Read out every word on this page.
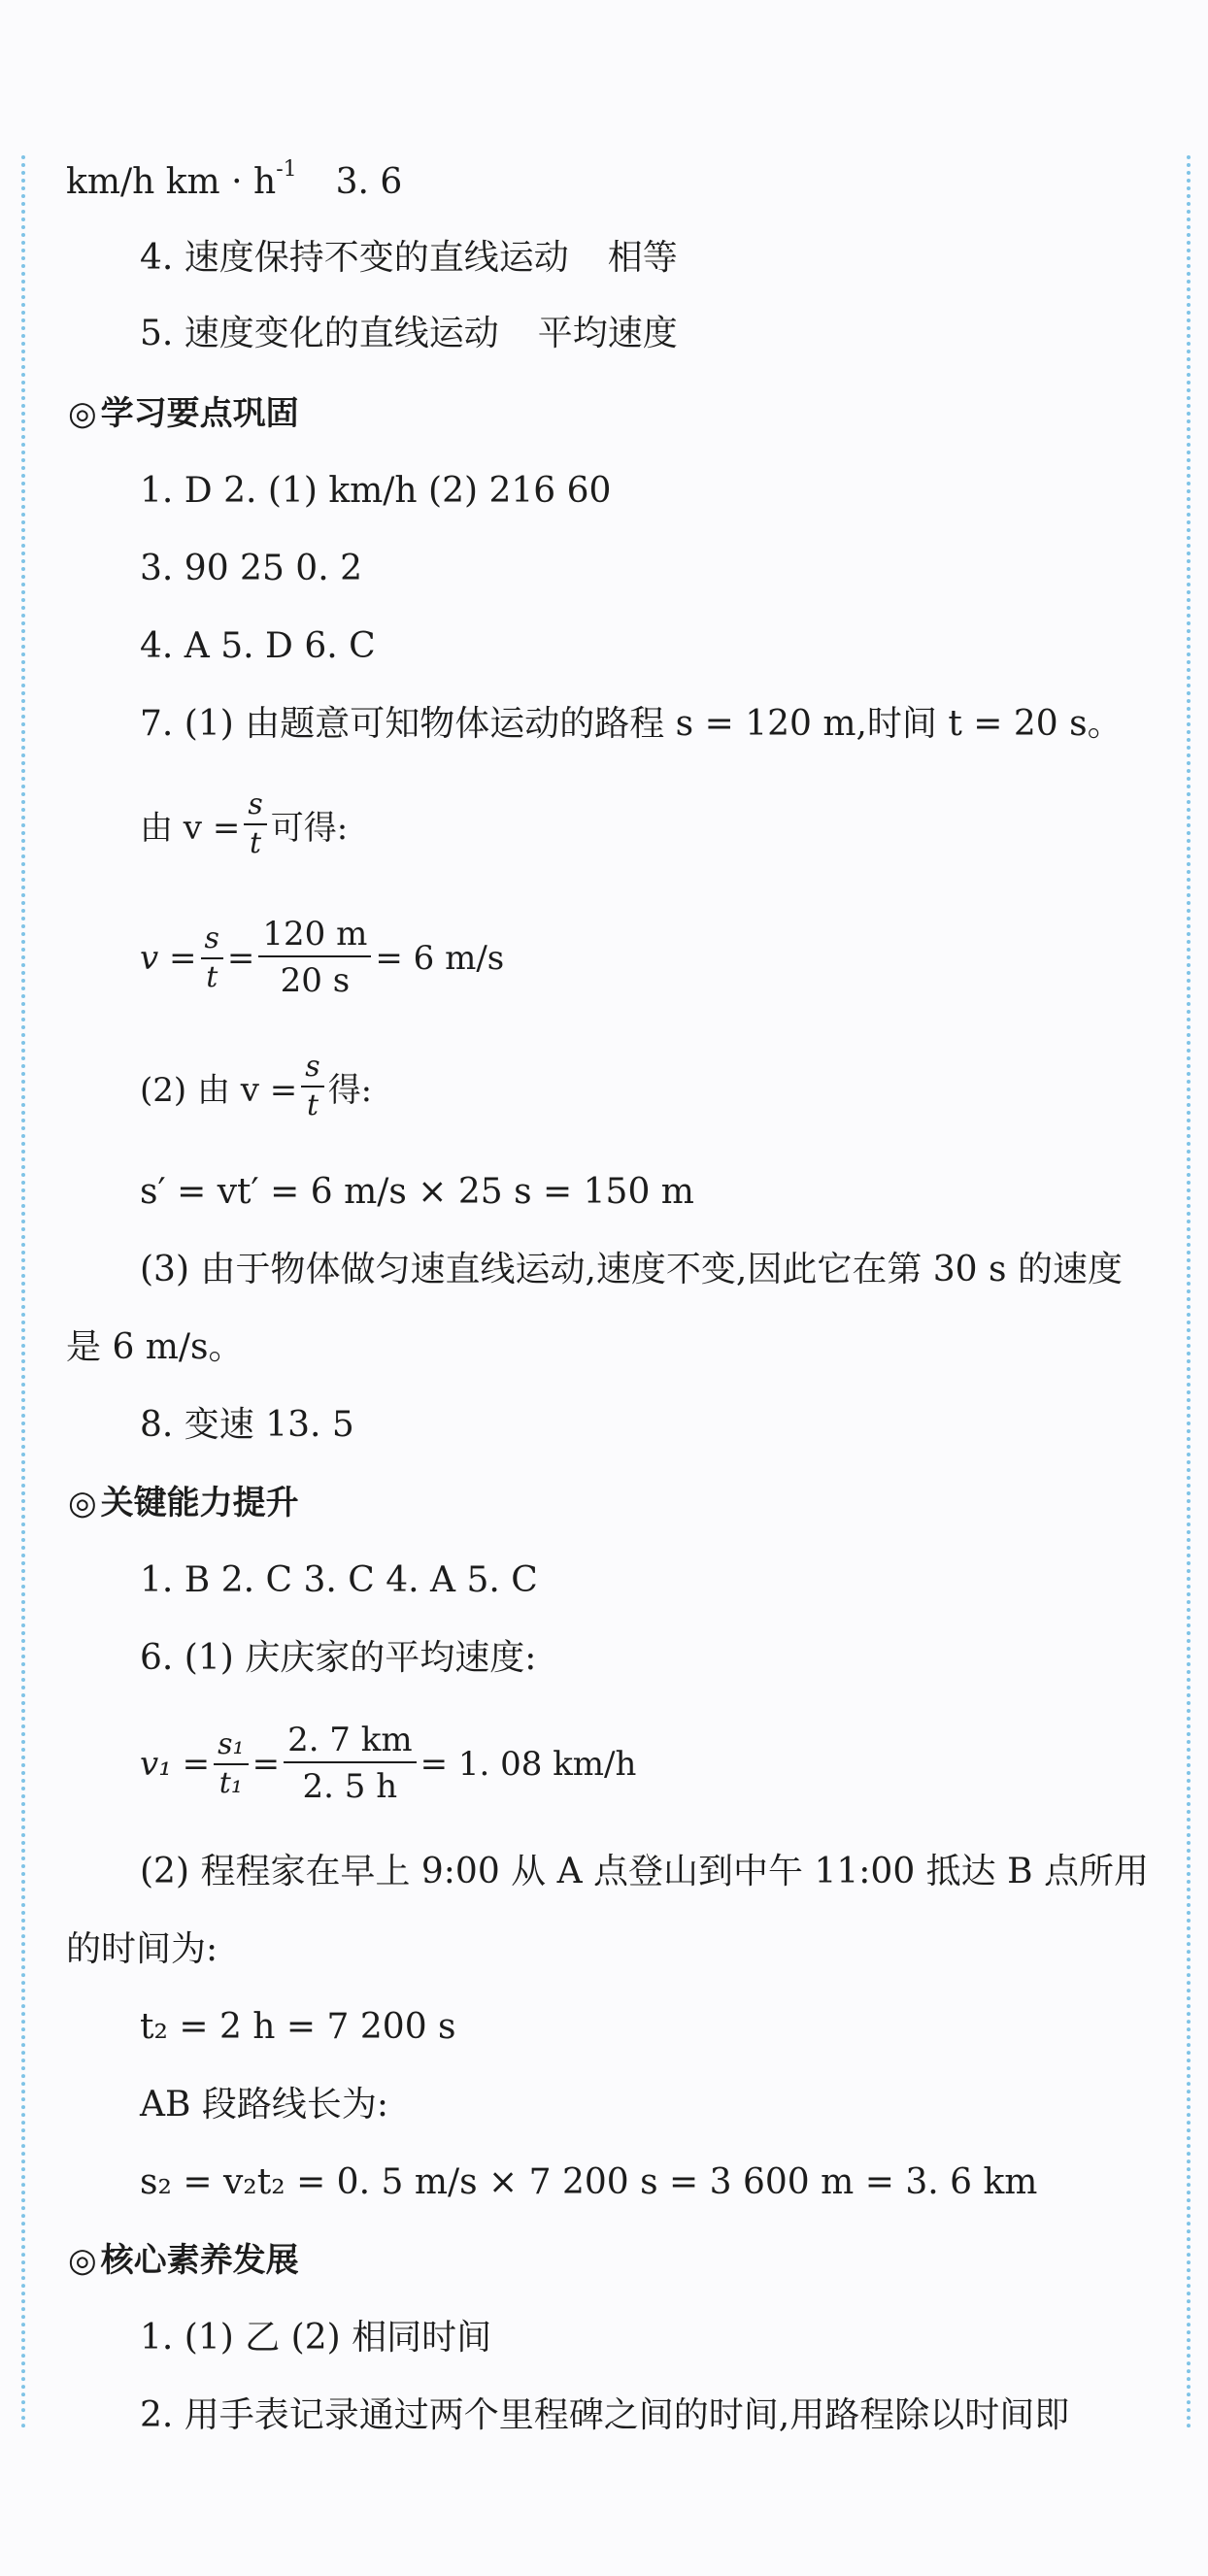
km/h km · $h^{-1}$ 3. 6
4. 速度保持不变的直线运动 相等
5. 速度变化的直线运动 平均速度
◎ 学习要点巩固
1. D 2. (1) km/h (2) 216 60
3. 90 25 0. 2
4. A 5. D 6. C
7. (1) 由题意可知物体运动的路程 s = 120 m,时间 t = 20 s。
由 $v = \frac{s}{t}$ 可得:
$v = \frac{s}{t} = \frac{120 m}{20 s} = 6$ m/s
(2) 由 $v = \frac{s}{t}$ 得:
s′ = vt′ = 6 m/s × 25 s = 150 m
(3) 由于物体做匀速直线运动,速度不变,因此它在第 30 s 的速度
是 6 m/s。
8. 变速 13. 5
◎ 关键能力提升
1. B 2. C 3. C 4. A 5. C
6. (1) 庆庆家的平均速度:
$v_1 = \frac{\text{s₁}}{\text{t₁}} = \frac{2. 7 km}{2. 5 h} = 1$. 08 km/h
(2) 程程家在早上 9:00 从 A 点登山到中午 11:00 抵达 B 点所用
的时间为:
t₂ = 2 h = 7 200 s
AB 段路线长为:
s₂ = v₂t₂ = 0. 5 m/s × 7 200 s = 3 600 m = 3. 6 km
◎ 核心素养发展
1. (1) 乙 (2) 相同时间
2. 用手表记录通过两个里程碑之间的时间,用路程除以时间即
